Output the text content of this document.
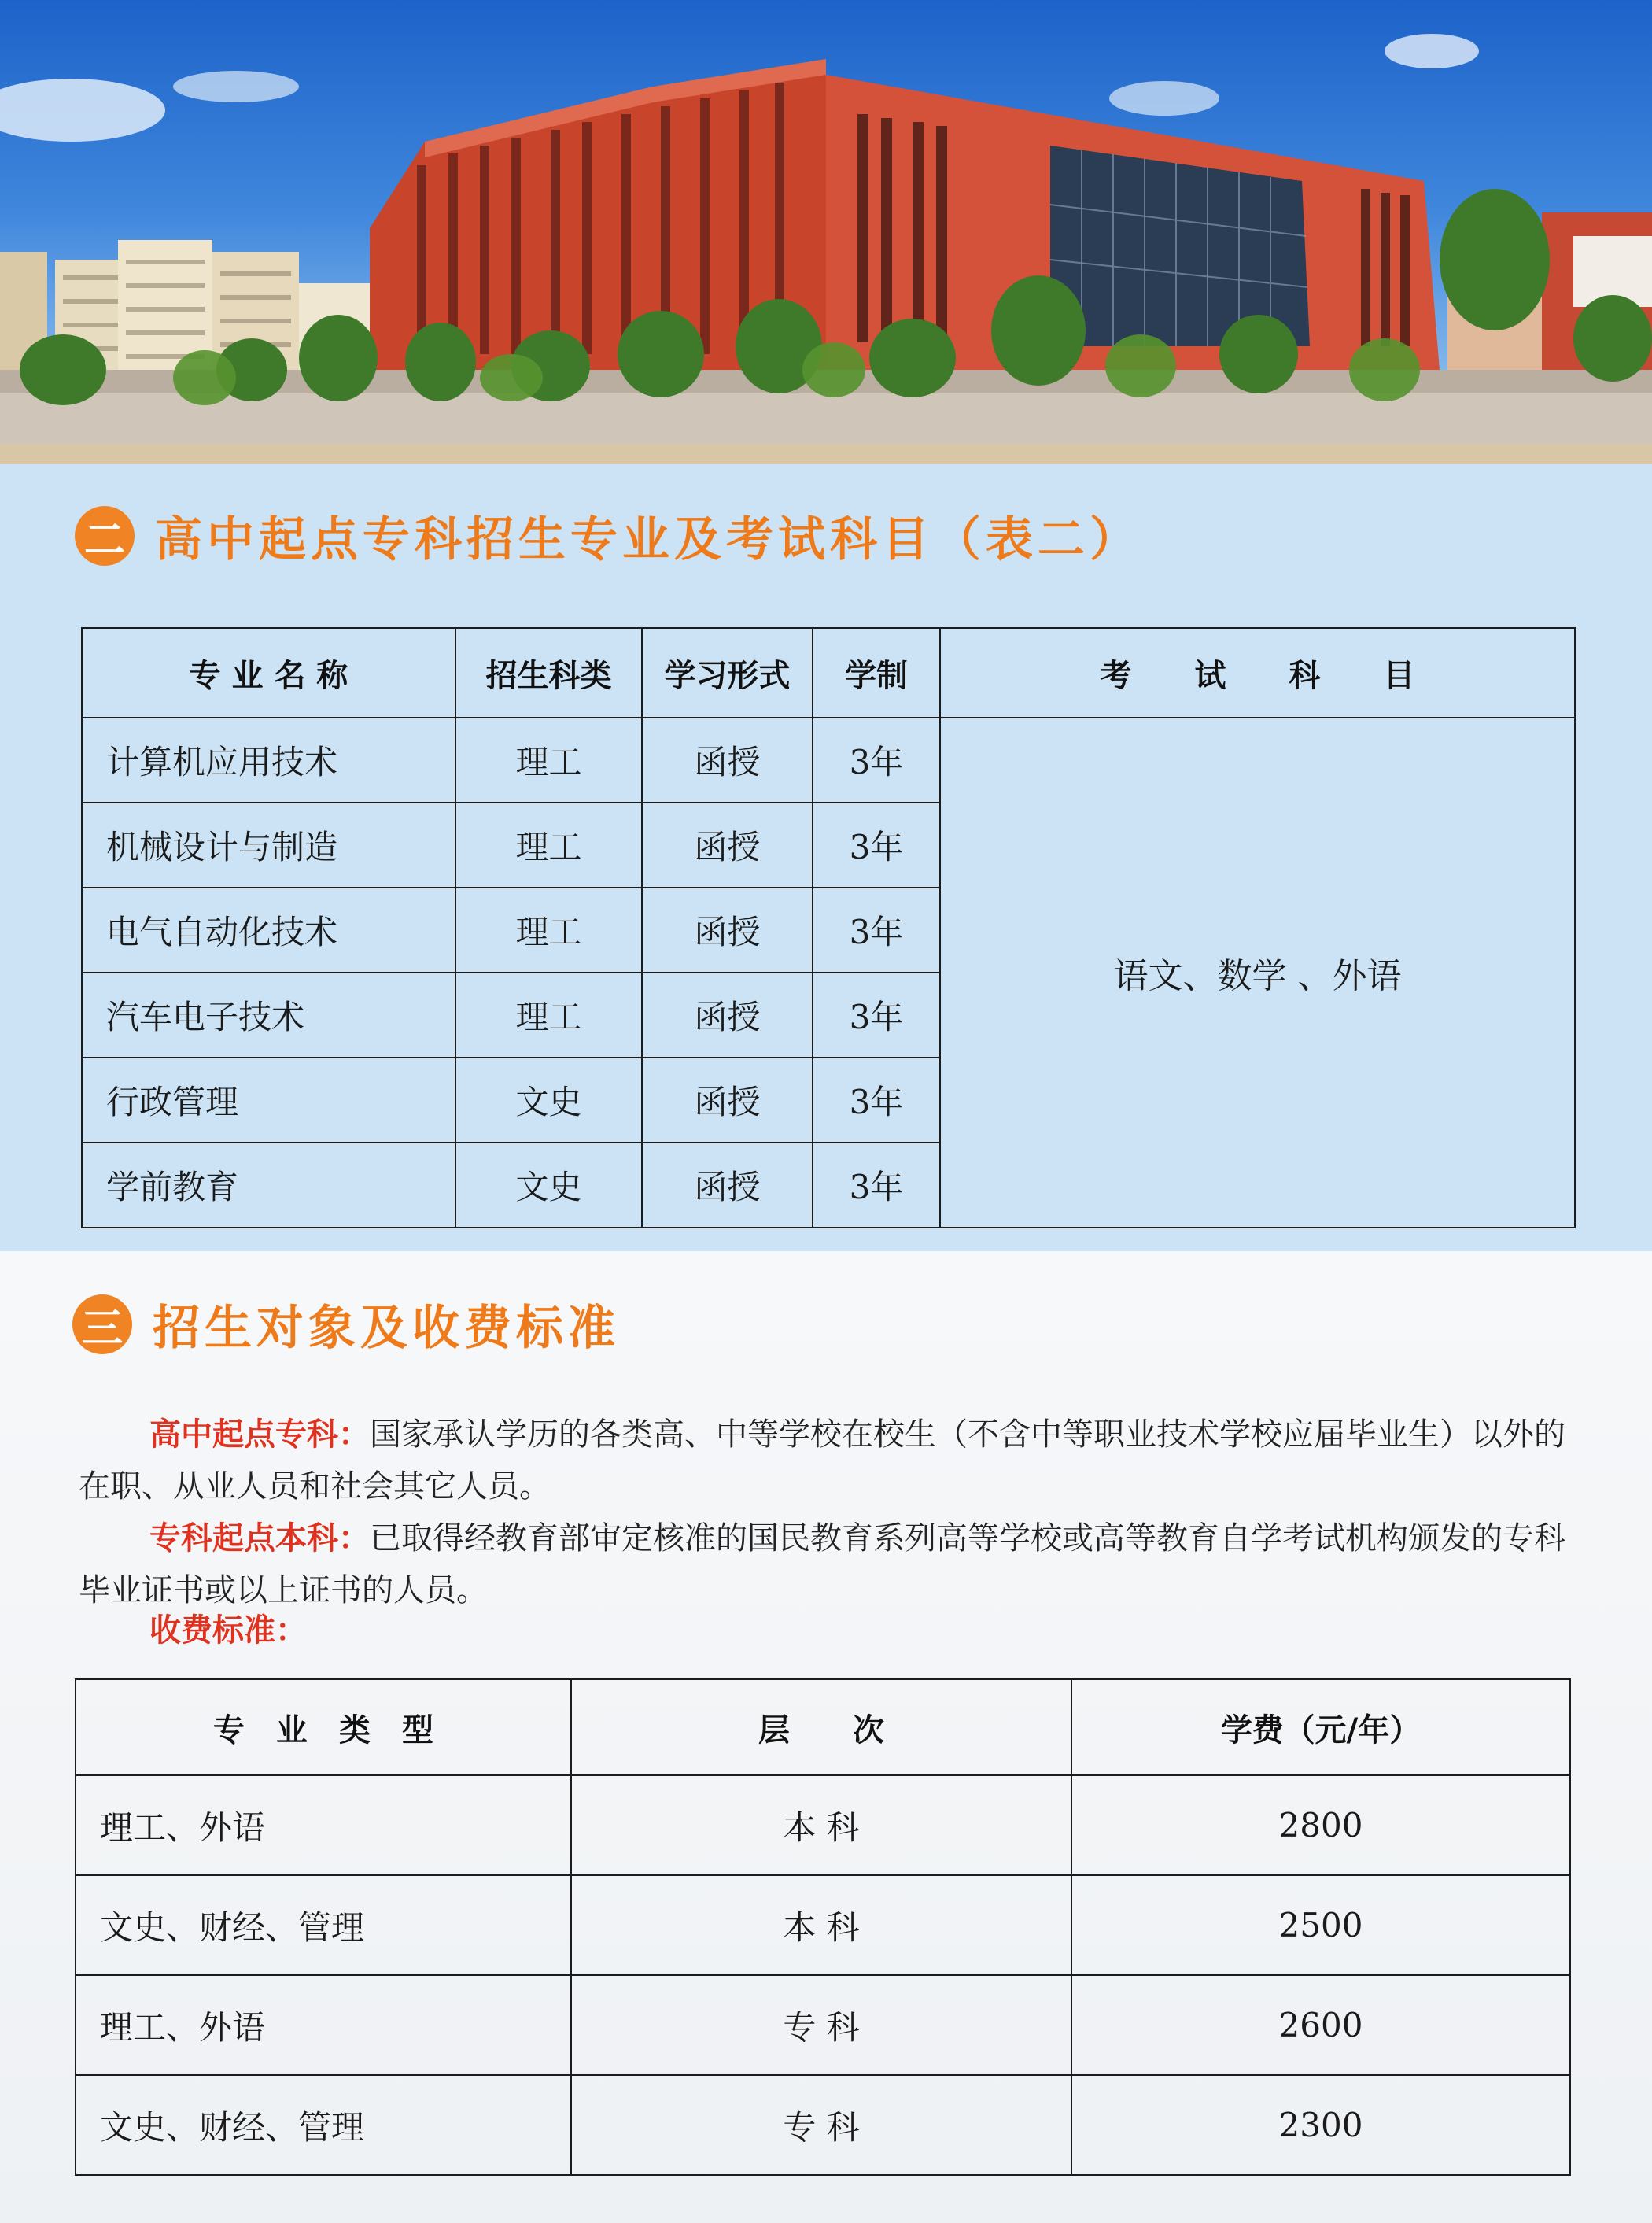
二 高中起点专科招生专业及考试科目（表二）
专 业 名 称	招生科类	学习形式	学制	考　　试　　科　　目
计算机应用技术	理工	函授	3年	语文、数学 、外语
机械设计与制造	理工	函授	3年	
电气自动化技术	理工	函授	3年	
汽车电子技术	理工	函授	3年	
行政管理	文史	函授	3年	
学前教育	文史	函授	3年	
三 招生对象及收费标准
高中起点专科：国家承认学历的各类高、中等学校在校生（不含中等职业技术学校应届毕业生）以外的在职、从业人员和社会其它人员。
专科起点本科：已取得经教育部审定核准的国民教育系列高等学校或高等教育自学考试机构颁发的专科毕业证书或以上证书的人员。
收费标准：
专　业　类　型	层　　次	学费（元/年）
理工、外语	本 科	2800
文史、财经、管理	本 科	2500
理工、外语	专 科	2600
文史、财经、管理	专 科	2300
